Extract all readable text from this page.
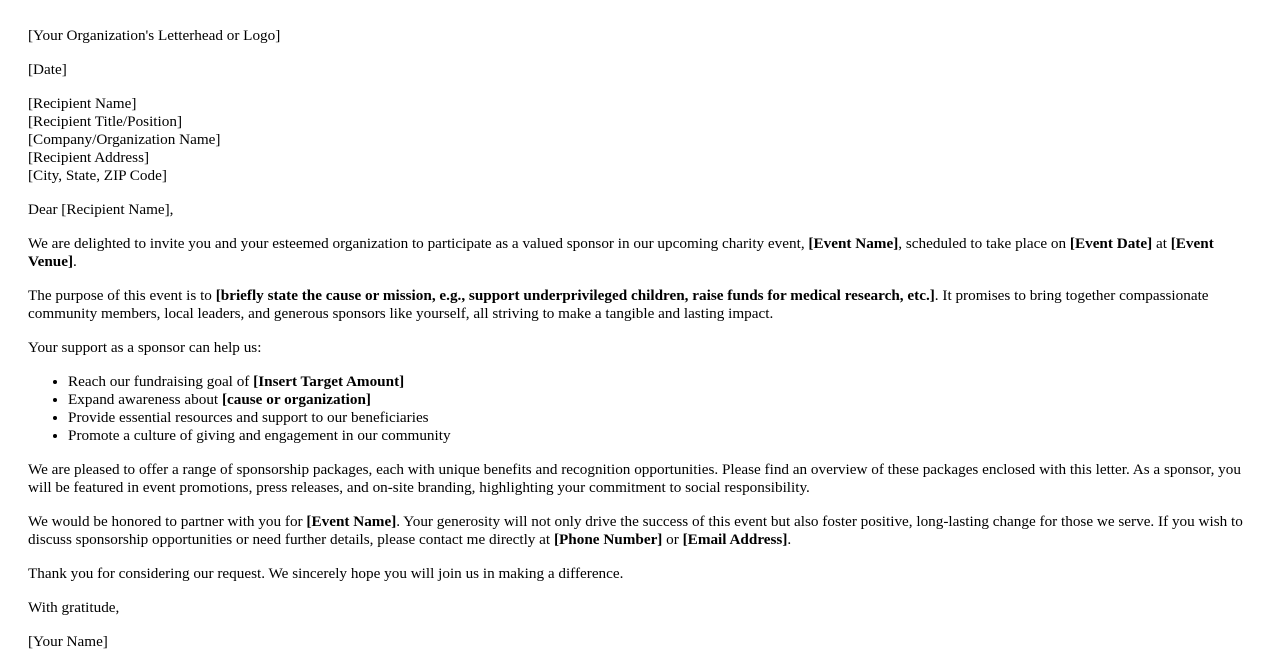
[Your Organization's Letterhead or Logo]

[Date]

[Recipient Name]
[Recipient Title/Position]
[Company/Organization Name]
[Recipient Address]
[City, State, ZIP Code]

Dear [Recipient Name],

We are delighted to invite you and your esteemed organization to participate as a valued sponsor in our upcoming charity event, [Event Name], scheduled to take place on [Event Date] at [Event Venue].

The purpose of this event is to [briefly state the cause or mission, e.g., support underprivileged children, raise funds for medical research, etc.]. It promises to bring together compassionate community members, local leaders, and generous sponsors like yourself, all striving to make a tangible and lasting impact.

Your support as a sponsor can help us:

• Reach our fundraising goal of [Insert Target Amount]
• Expand awareness about [cause or organization]
• Provide essential resources and support to our beneficiaries
• Promote a culture of giving and engagement in our community

We are pleased to offer a range of sponsorship packages, each with unique benefits and recognition opportunities. Please find an overview of these packages enclosed with this letter. As a sponsor, you will be featured in event promotions, press releases, and on-site branding, highlighting your commitment to social responsibility.

We would be honored to partner with you for [Event Name]. Your generosity will not only drive the success of this event but also foster positive, long-lasting change for those we serve. If you wish to discuss sponsorship opportunities or need further details, please contact me directly at [Phone Number] or [Email Address].

Thank you for considering our request. We sincerely hope you will join us in making a difference.

With gratitude,

[Your Name]
